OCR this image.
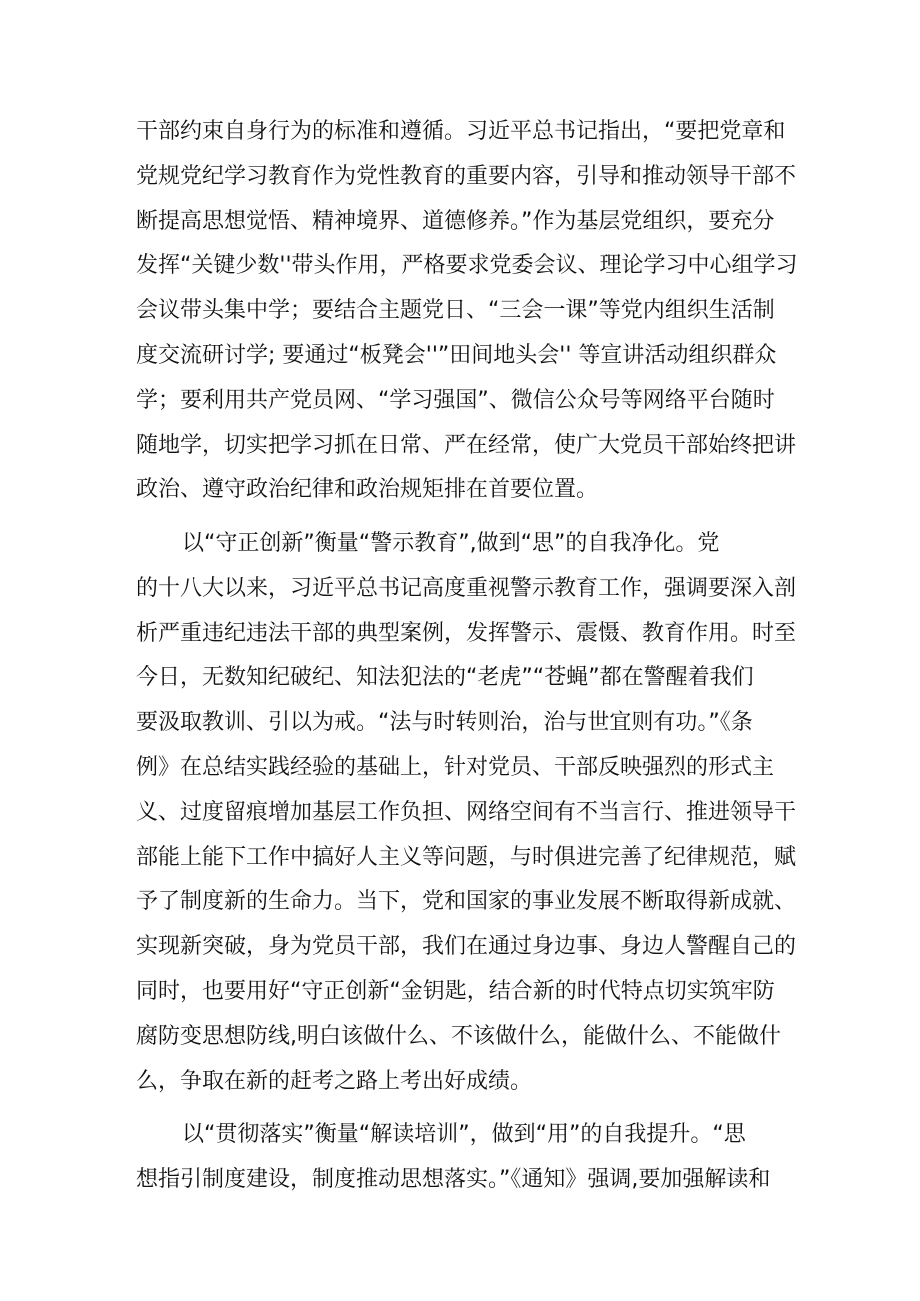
干部约束自身行为的标准和遵循。习近平总书记指出，“要把党章和
党规党纪学习教育作为党性教育的重要内容，引导和推动领导干部不
断提高思想觉悟、精神境界、道德修养。”作为基层党组织，要充分
发挥“关键少数''带头作用，严格要求党委会议、理论学习中心组学习
会议带头集中学；要结合主题党日、“三会一课”等党内组织生活制
度交流研讨学; 要通过“板凳会''”田间地头会'' 等宣讲活动组织群众
学；要利用共产党员网、“学习强国”、微信公众号等网络平台随时
随地学，切实把学习抓在日常、严在经常，使广大党员干部始终把讲
政治、遵守政治纪律和政治规矩排在首要位置。
以“守正创新”衡量“警示教育”,做到“思”的自我净化。党
的十八大以来，习近平总书记高度重视警示教育工作，强调要深入剖
析严重违纪违法干部的典型案例，发挥警示、震慑、教育作用。时至
今日，无数知纪破纪、知法犯法的“老虎”“苍蝇”都在警醒着我们
要汲取教训、引以为戒。“法与时转则治，治与世宜则有功。”《条
例》在总结实践经验的基础上，针对党员、干部反映强烈的形式主
义、过度留痕增加基层工作负担、网络空间有不当言行、推进领导干
部能上能下工作中搞好人主义等问题，与时俱进完善了纪律规范，赋
予了制度新的生命力。当下，党和国家的事业发展不断取得新成就、
实现新突破，身为党员干部，我们在通过身边事、身边人警醒自己的
同时，也要用好“守正创新“金钥匙，结合新的时代特点切实筑牢防
腐防变思想防线,明白该做什么、不该做什么，能做什么、不能做什
么，争取在新的赶考之路上考出好成绩。
以“贯彻落实”衡量“解读培训”，做到“用”的自我提升。“思
想指引制度建设，制度推动思想落实。”《通知》强调,要加强解读和
